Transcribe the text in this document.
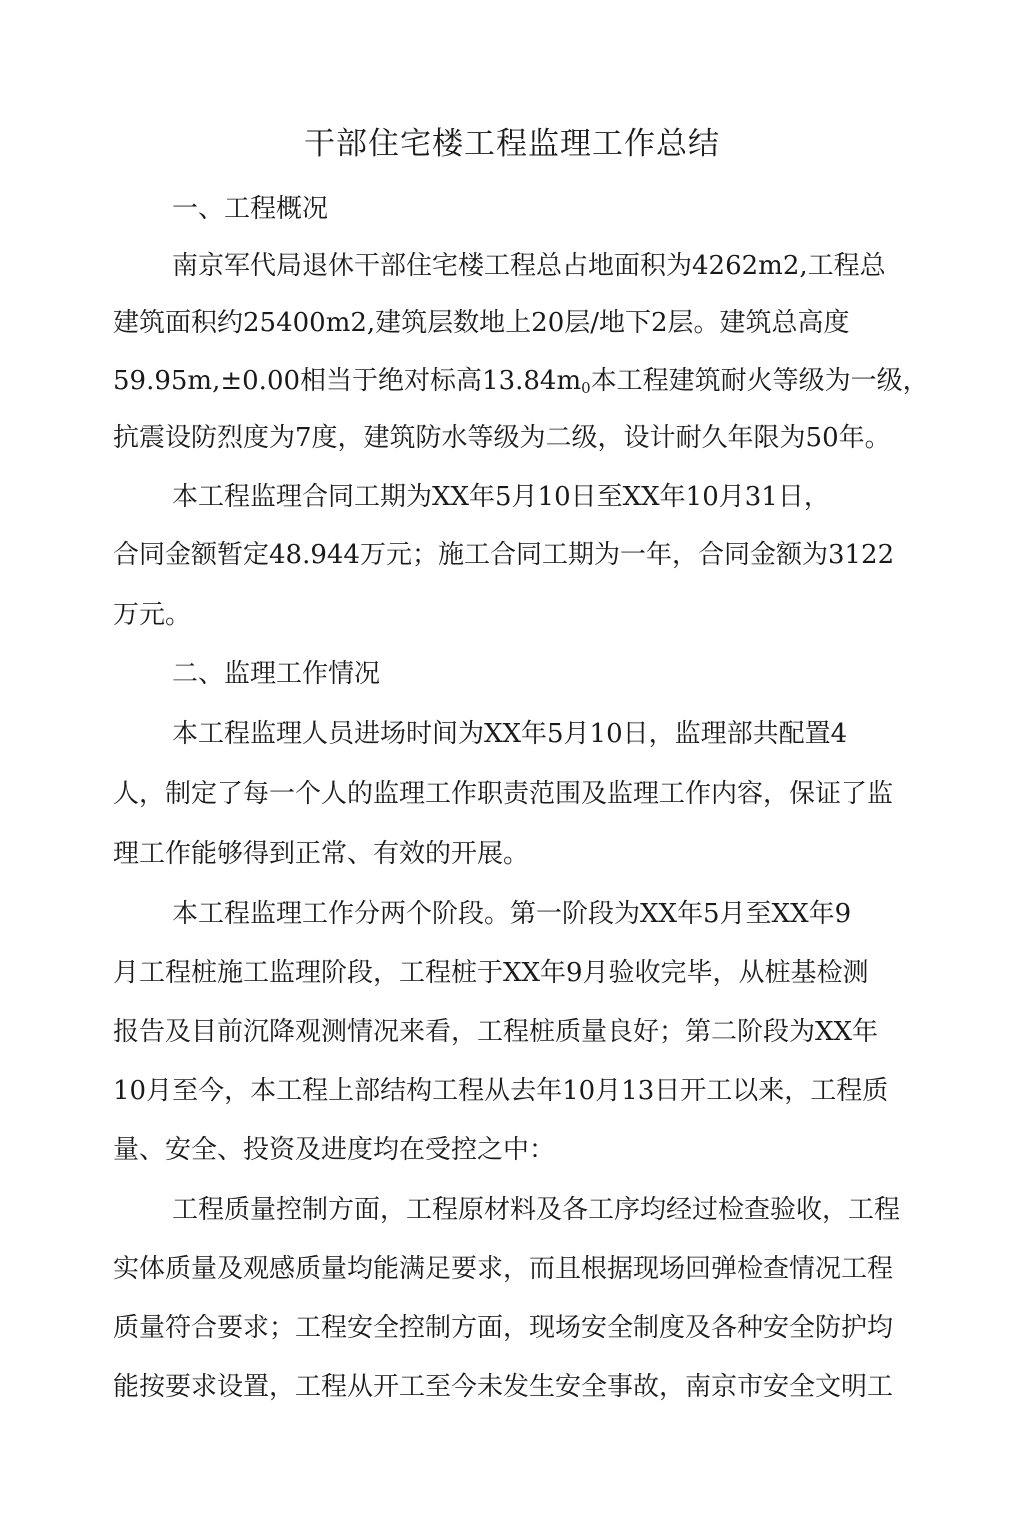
干部住宅楼工程监理工作总结
一、工程概况
南京军代局退休干部住宅楼工程总占地面积为4262m2,工程总
建筑面积约25400m2,建筑层数地上20层/地下2层。建筑总高度
59.95m,±0.00相当于绝对标高$13.84m_0$本工程建筑耐火等级为一级，
抗震设防烈度为7度，建筑防水等级为二级，设计耐久年限为50年。
本工程监理合同工期为XX年5月10日至XX年10月31日，
合同金额暂定48.944万元；施工合同工期为一年，合同金额为3122
万元。
二、监理工作情况
本工程监理人员进场时间为XX年5月10日，监理部共配置4
人，制定了每一个人的监理工作职责范围及监理工作内容，保证了监
理工作能够得到正常、有效的开展。
本工程监理工作分两个阶段。第一阶段为XX年5月至XX年9
月工程桩施工监理阶段，工程桩于XX年9月验收完毕，从桩基检测
报告及目前沉降观测情况来看，工程桩质量良好；第二阶段为XX年
10月至今，本工程上部结构工程从去年10月13日开工以来，工程质
量、安全、投资及进度均在受控之中：
工程质量控制方面，工程原材料及各工序均经过检查验收，工程
实体质量及观感质量均能满足要求，而且根据现场回弹检查情况工程
质量符合要求；工程安全控制方面，现场安全制度及各种安全防护均
能按要求设置，工程从开工至今未发生安全事故，南京市安全文明工
